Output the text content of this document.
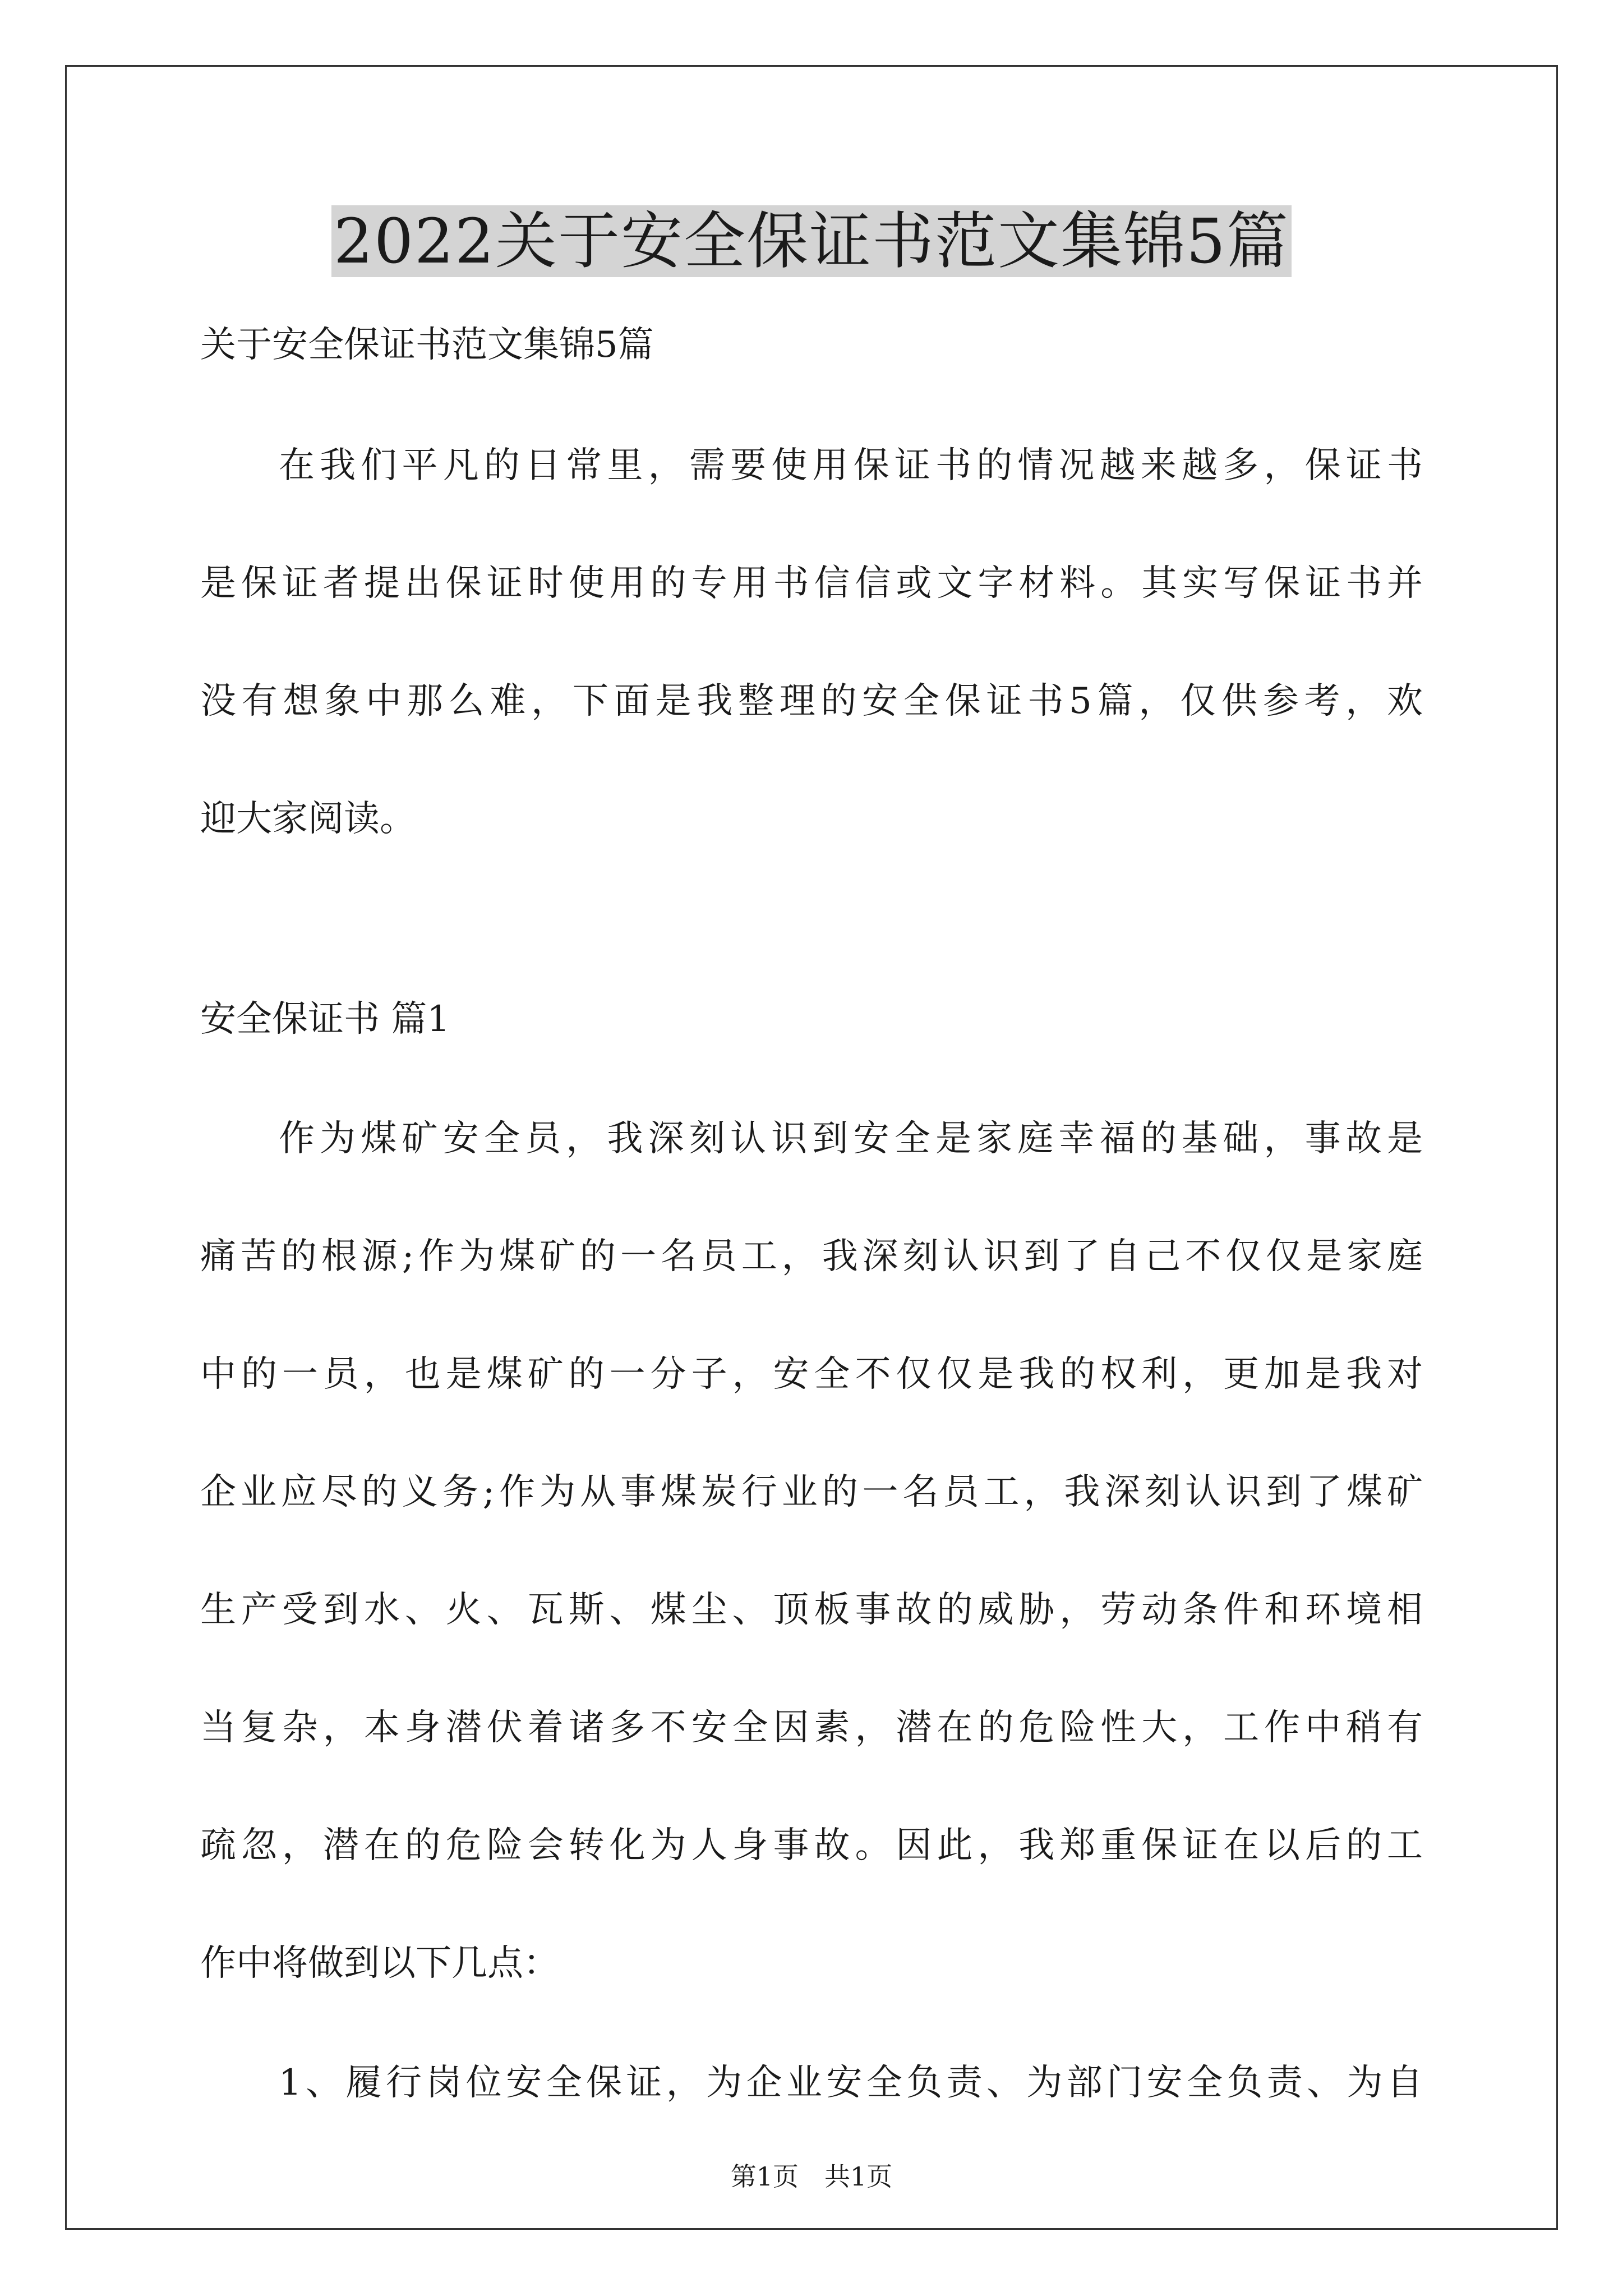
2022关于安全保证书范文集锦5篇
关于安全保证书范文集锦5篇
在我们平凡的日常里，需要使用保证书的情况越来越多，保证书
是保证者提出保证时使用的专用书信信或文字材料。其实写保证书并
没有想象中那么难，下面是我整理的安全保证书5篇，仅供参考，欢
迎大家阅读。
安全保证书 篇1
作为煤矿安全员，我深刻认识到安全是家庭幸福的基础，事故是
痛苦的根源;作为煤矿的一名员工，我深刻认识到了自己不仅仅是家庭
中的一员，也是煤矿的一分子，安全不仅仅是我的权利，更加是我对
企业应尽的义务;作为从事煤炭行业的一名员工，我深刻认识到了煤矿
生产受到水、火、瓦斯、煤尘、顶板事故的威胁，劳动条件和环境相
当复杂，本身潜伏着诸多不安全因素，潜在的危险性大，工作中稍有
疏忽，潜在的危险会转化为人身事故。因此，我郑重保证在以后的工
作中将做到以下几点：
1、履行岗位安全保证，为企业安全负责、为部门安全负责、为自
第1页　共1页
